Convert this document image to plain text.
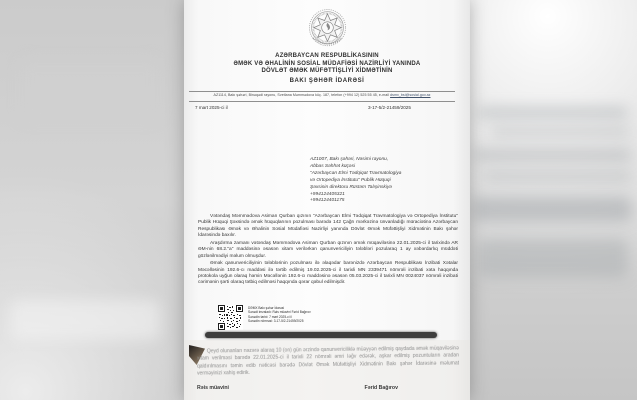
AZƏRBAYCAN RESPUBLİKASININ
ƏMƏK VƏ ƏHALİNİN SOSİAL MÜDAFİƏSİ NAZİRLİYİ YANINDA
DÖVLƏT ƏMƏK MÜFƏTTİŞLİYİ XİDMƏTİNİN
BAKI ŞƏHƏR İDARƏSİ
AZ1114, Bakı şəhəri, Binəqədi rayonu, Svetlana Məmmədova küç. 187, telefon (+994 12) 525 55 45, e-mail dsmx_bsi@sosial.gov.az
7 mart 2025-ci il	3-17-5/2-21459/2025
AZ1007, Bakı şəhəri, Nəsimi rayonu,
Abbas Səhhət küçəsi
"Azərbaycan Elmi Tədqiqat Travmatologiya
və Ortopediya İnstitutu" Publik Hüquqi
Şəxsinin direktoru Rüstəm Talışinskiyə
+994124405321
+994124401175

Vətəndaş Məmmədova Asiman Qurban qızının "Azərbaycan Elmi Tədqiqat Travmatologiya və Ortopediya İnstitutu" Publik Hüquqi Şəxsində əmək hüquqlarının pozulması barədə 142 Çağrı mərkəzinə ünvanladığı müraciətinə Azərbaycan Respublikası Əmək və Əhalinin Sosial Müdafiəsi Nazirliyi yanında Dövlət Əmək Müfəttişliyi Xidmətinin Bakı şəhər İdarəsində baxılır.

Araşdırma zamanı vətəndaş Məmmədova Asiman Qurban qızının əmək müqaviləsinə 22.01.2025-ci il tarixində AR ƏM-nin 68.2."a" maddəsinə əsasən xitam verilərkən qanunvericiliyin tələbləri pozularaq 1 ay xəbərdarlıq müddəti gözlənilmədiyi məlum olmuşdur.

Əmək qanunvericiliyinin tələblərinin pozulması ilə əlaqədar barənizdə Azərbaycan Respublikası İnzibati Xətalar Məcəlləsinin 192.6-cı maddəsi ilə tərtib edilmiş 19.02.2025-ci il tarixli MN 2339471 nömrəli inzibati xəta haqqında protokola uyğun olaraq həmin Məcəllənin 192.6-cı maddəsinə əsasən 05.03.2025-ci il tarixli MN 0024037 nömrəli inzibati cərimənin şərti olaraq tətbiq edilməsi haqqında qərar qəbul edilmişdir.

DƏMX Bakı şəhər İdarəsi
Sənədi imzaladı: Rəis müavini Fərid Bağırov
Sənədin tarixi: 7 mart 2025-ci il
Sənədin nömrəsi: 3-17-5/2-21459/2025
Qeyd olunanları nəzərə alaraq 10 (on) gün ərzində qanunvericiliklə müəyyən edilmiş qaydada əmək müqaviləsinə xitam verilməsi barədə 22.01.2025-ci il tarixli 22 nömrəli əmri ləğv edərək, aşkar edilmiş pozuntuların aradan qaldırılmasını təmin edib nəticəsi barədə Dövlət Əmək Müfəttişliyi Xidmətinin Bakı şəhər İdarəsinə məlumat verməyinizi xahiş edirik.
Rəis müavini	Fərid Bağırov
